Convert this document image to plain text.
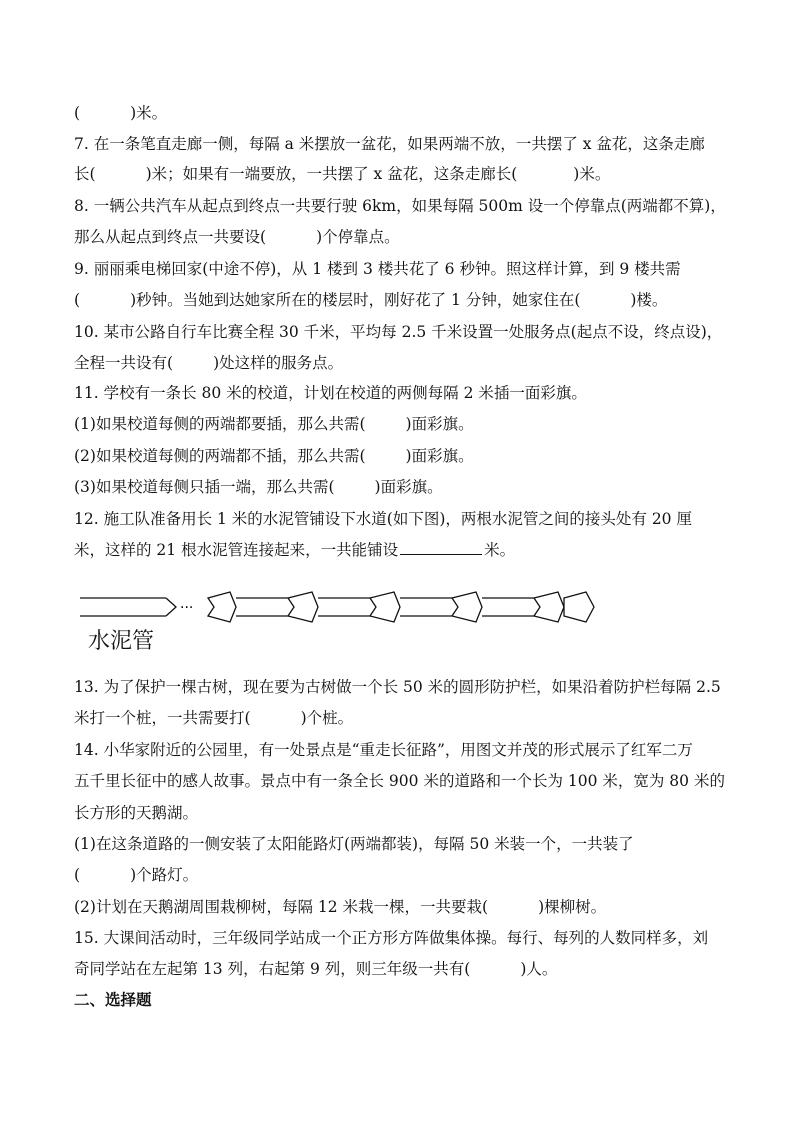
(	)米。
7. 在一条笔直走廊一侧，每隔 a 米摆放一盆花，如果两端不放，一共摆了 x 盆花，这条走廊
长(	)米；如果有一端要放，一共摆了 x 盆花，这条走廊长(	)米。
8. 一辆公共汽车从起点到终点一共要行驶 6km，如果每隔 500m 设一个停靠点(两端都不算)，
那么从起点到终点一共要设(	)个停靠点。
9. 丽丽乘电梯回家(中途不停)，从 1 楼到 3 楼共花了 6 秒钟。照这样计算，到 9 楼共需
(	)秒钟。当她到达她家所在的楼层时，刚好花了 1 分钟，她家住在(	)楼。
10. 某市公路自行车比赛全程 30 千米，平均每 2.5 千米设置一处服务点(起点不设，终点设)，
全程一共设有(	)处这样的服务点。
11. 学校有一条长 80 米的校道，计划在校道的两侧每隔 2 米插一面彩旗。
(1)如果校道每侧的两端都要插，那么共需(	)面彩旗。
(2)如果校道每侧的两端都不插，那么共需(	)面彩旗。
(3)如果校道每侧只插一端，那么共需(	)面彩旗。
12. 施工队准备用长 1 米的水泥管铺设下水道(如下图)，两根水泥管之间的接头处有 20 厘
米，这样的 21 根水泥管连接起来，一共能铺设	米。
···
水泥管
13. 为了保护一棵古树，现在要为古树做一个长 50 米的圆形防护栏，如果沿着防护栏每隔 2.5
米打一个桩，一共需要打(	)个桩。
14. 小华家附近的公园里，有一处景点是“重走长征路”，用图文并茂的形式展示了红军二万
五千里长征中的感人故事。景点中有一条全长 900 米的道路和一个长为 100 米，宽为 80 米的
长方形的天鹅湖。
(1)在这条道路的一侧安装了太阳能路灯(两端都装)，每隔 50 米装一个，一共装了
(	)个路灯。
(2)计划在天鹅湖周围栽柳树，每隔 12 米栽一棵，一共要栽(	)棵柳树。
15. 大课间活动时，三年级同学站成一个正方形方阵做集体操。每行、每列的人数同样多，刘
奇同学站在左起第 13 列，右起第 9 列，则三年级一共有(	)人。
二、选择题
